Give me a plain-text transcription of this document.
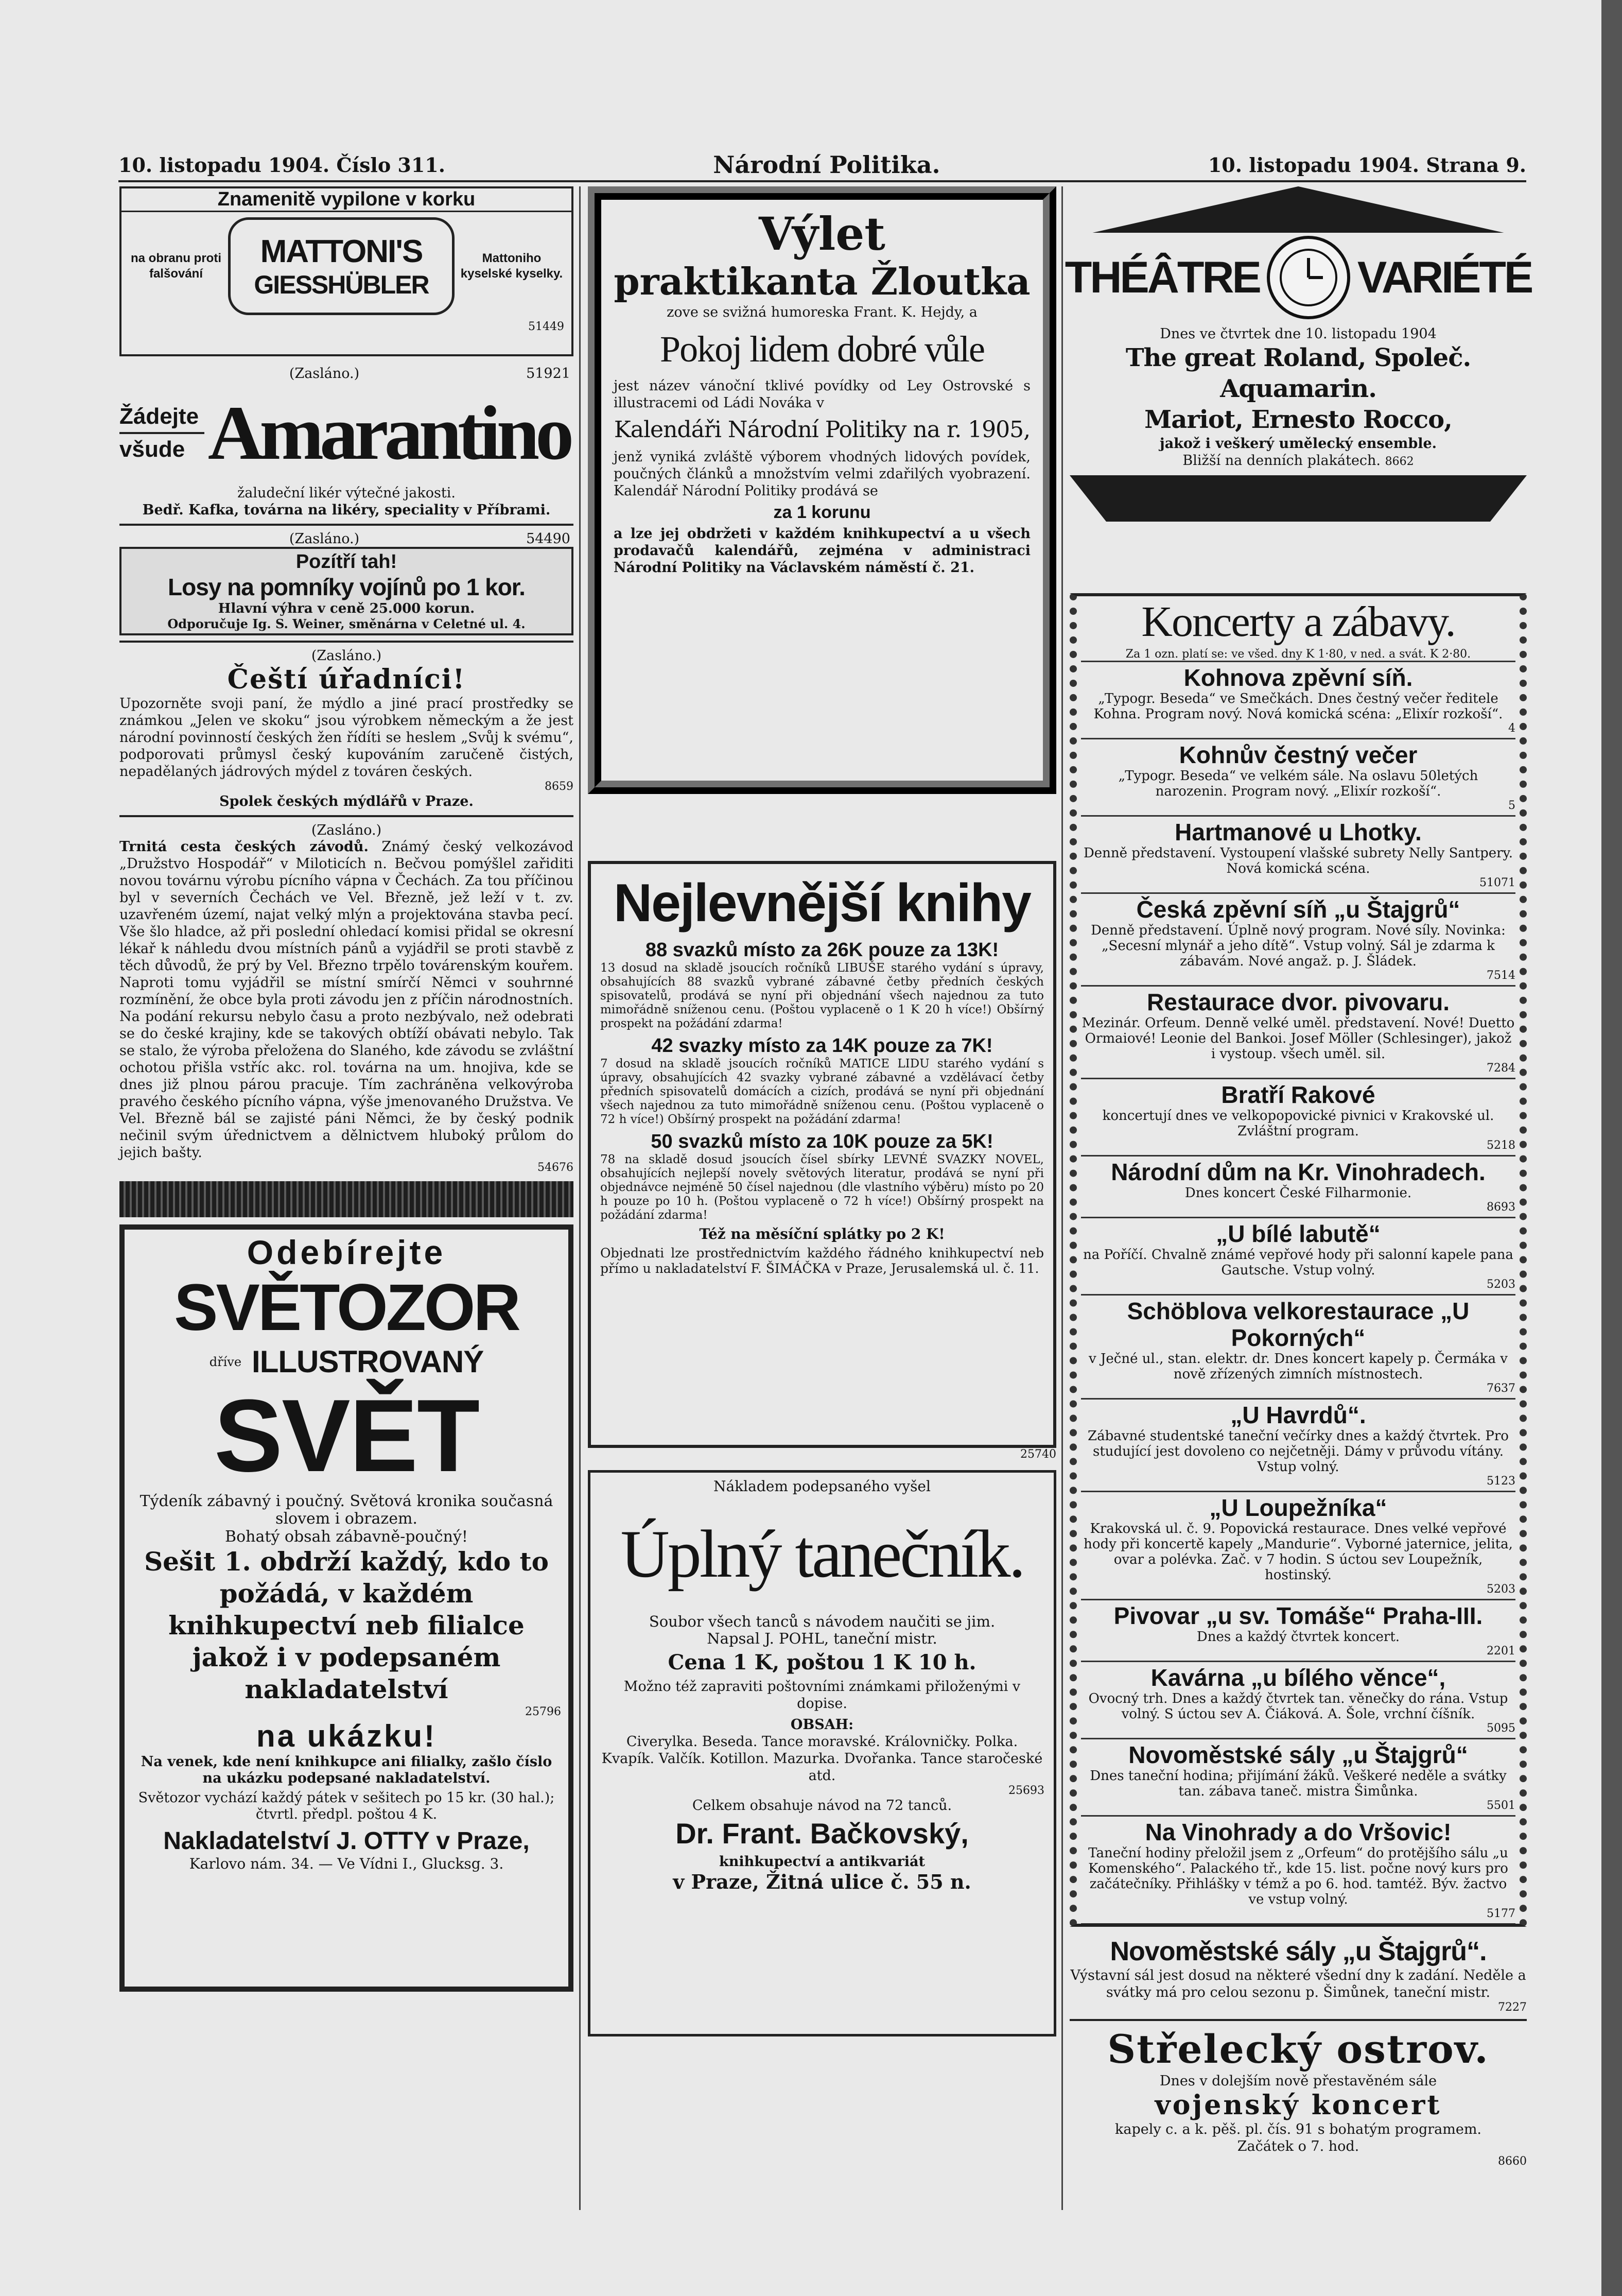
10. listopadu 1904. Číslo 311.	Národní Politika.	10. listopadu 1904. Strana 9.
Znamenitě vypilone v korku
na obranu proti falšování
MATTONI'S
GIESSHÜBLER
Mattoniho kyselské kyselky.
51449
(Zasláno.)	51921
Žádejte
všude Amarantino

žaludeční likér výtečné jakosti.

Bedř. Kafka, továrna na likéry, speciality v Příbrami.

(Zasláno.)	54490
Pozítří tah!
Losy na pomníky vojínů po 1 kor.
Hlavní výhra v ceně 25.000 korun.
Odporučuje Ig. S. Weiner, směnárna v Celetné ul. 4.
(Zasláno.)
Čeští úřadníci!

Upozorněte svoji paní, že mýdlo a jiné prací prostředky se známkou „Jelen ve skoku“ jsou výrobkem německým a že jest národní povinností českých žen řídíti se heslem „Svůj k svému“, podporovati průmysl český kupováním zaručeně čistých, nepadělaných jádrových mýdel z továren českých.

8659

Spolek českých mýdlářů v Praze.

(Zasláno.)

Trnitá cesta českých závodů. Známý český velkozávod „Družstvo Hospodář“ v Miloticích n. Bečvou pomýšlel zařiditi novou továrnu výrobu pícního vápna v Čechách. Za tou příčinou byl v severních Čechách ve Vel. Březně, jež leží v t. zv. uzavřeném území, najat velký mlýn a projektována stavba pecí. Vše šlo hladce, až při poslední ohledací komisi přidal se okresní lékař k náhledu dvou místních pánů a vyjádřil se proti stavbě z těch důvodů, že prý by Vel. Březno trpělo továrenským kouřem. Naproti tomu vyjádřil se místní smírčí Němci v souhrnné rozmínění, že obce byla proti závodu jen z příčin národnostních. Na podání rekursu nebylo času a proto nezbývalo, než odebrati se do české krajiny, kde se takových obtíží obávati nebylo. Tak se stalo, že výroba přeložena do Slaného, kde závodu se zvláštní ochotou přišla vstříc akc. rol. továrna na um. hnojiva, kde se dnes již plnou párou pracuje. Tím zachráněna velkovýroba pravého českého pícního vápna, výše jmenovaného Družstva. Ve Vel. Březně bál se zajisté páni Němci, že by český podnik nečinil svým úřednictvem a dělnictvem hluboký průlom do jejich bašty.

54676
Odebírejte
SVĚTOZOR
dříve ILLUSTROVANÝ
SVĚT

Týdeník zábavný i poučný. Světová kronika současná slovem i obrazem.

Bohatý obsah zábavně-poučný!

Sešit 1. obdrží každý, kdo to požádá, v každém knihkupectví neb filialce jakož i v podepsaném nakladatelství

25796
na ukázku!

Na venek, kde není knihkupce ani filialky, zašlo číslo na ukázku podepsané nakladatelství.

Světozor vychází každý pátek v sešitech po 15 kr. (30 hal.); čtvrtl. předpl. poštou 4 K.

Nakladatelství J. OTTY v Praze,

Karlovo nám. 34. — Ve Vídni I., Glucksg. 3.

Výlet
praktikanta Žloutka

zove se svižná humoreska Frant. K. Hejdy, a

Pokoj lidem dobré vůle

jest název vánoční tklivé povídky od Ley Ostrovské s illustracemi od Ládi Nováka v

Kalendáři Národní Politiky na r. 1905,

jenž vyniká zvláště výborem vhodných lidových povídek, poučných článků a množstvím velmi zdařilých vyobrazení. Kalendář Národní Politiky prodává se

za 1 korunu

a lze jej obdržeti v každém knihkupectví a u všech prodavačů kalendářů, zejména v administraci Národní Politiky na Václavském náměstí č. 21.

Nejlevnější knihy
88 svazků místo za 26K pouze za 13K!

13 dosud na skladě jsoucích ročníků LIBUŠE starého vydání s úpravy, obsahujících 88 svazků vybrané zábavné četby předních českých spisovatelů, prodává se nyní při objednání všech najednou za tuto mimořádně sníženou cenu. (Poštou vyplaceně o 1 K 20 h více!) Obšírný prospekt na požádání zdarma!

42 svazky místo za 14K pouze za 7K!

7 dosud na skladě jsoucích ročníků MATICE LIDU starého vydání s úpravy, obsahujících 42 svazky vybrané zábavné a vzdělávací četby předních spisovatelů domácích a cizích, prodává se nyní při objednání všech najednou za tuto mimořádně sníženou cenu. (Poštou vyplaceně o 72 h více!) Obšírný prospekt na požádání zdarma!

50 svazků místo za 10K pouze za 5K!

78 na skladě dosud jsoucích čísel sbírky LEVNÉ SVAZKY NOVEL, obsahujících nejlepší novely světových literatur, prodává se nyní při objednávce nejméně 50 čísel najednou (dle vlastního výběru) místo po 20 h pouze po 10 h. (Poštou vyplaceně o 72 h více!) Obšírný prospekt na požádání zdarma!

Též na měsíční splátky po 2 K!

Objednati lze prostřednictvím každého řádného knihkupectví neb přímo u nakladatelství F. ŠIMÁČKA v Praze, Jerusalemská ul. č. 11.

25740
Nákladem podepsaného vyšel
Úplný tanečník.

Soubor všech tanců s návodem naučiti se jim.

Napsal J. POHL, taneční mistr.

Cena 1 K, poštou 1 K 10 h.

Možno též zapraviti poštovními známkami přiloženými v dopise.

OBSAH:

Civerylka. Beseda. Tance moravské. Královničky. Polka. Kvapík. Valčík. Kotillon. Mazurka. Dvořanka. Tance staročeské atd.

25693

Celkem obsahuje návod na 72 tanců.

Dr. Frant. Bačkovský,

knihkupectví a antikvariát

v Praze, Žitná ulice č. 55 n.

THÉÂTRE VARIÉTÉ

Dnes ve čtvrtek dne 10. listopadu 1904

The great Roland, Společ. Aquamarin.

Mariot, Ernesto Rocco,

jakož i veškerý umělecký ensemble.

Bližší na denních plakátech. 8662

Koncerty a zábavy.

Za 1 ozn. platí se: ve všed. dny K 1·80, v ned. a svát. K 2·80.

Kohnova zpěvní síň.
„Typogr. Beseda“ ve Smečkách. Dnes čestný večer ředitele Kohna. Program nový. Nová komická scéna: „Elixír rozkoší“.
4
Kohnův čestný večer
„Typogr. Beseda“ ve velkém sále. Na oslavu 50letých narozenin. Program nový. „Elixír rozkoší“.
5
Hartmanové u Lhotky.
Denně představení. Vystoupení vlašské subrety Nelly Santpery. Nová komická scéna.
51071
Česká zpěvní síň „u Štajgrů“
Denně představení. Úplně nový program. Nové síly. Novinka: „Secesní mlynář a jeho dítě“. Vstup volný. Sál je zdarma k zábavám. Nové angaž. p. J. Šládek.
7514
Restaurace dvor. pivovaru.
Mezinár. Orfeum. Denně velké uměl. představení. Nové! Duetto Ormaiové! Leonie del Bankoi. Josef Möller (Schlesinger), jakož i vystoup. všech uměl. sil.
7284
Bratří Rakové
koncertují dnes ve velkopopovické pivnici v Krakovské ul. Zvláštní program.
5218
Národní dům na Kr. Vinohradech.
Dnes koncert České Filharmonie.
8693
„U bílé labutě“
na Poříčí. Chvalně známé vepřové hody při salonní kapele pana Gautsche. Vstup volný.
5203
Schöblova velkorestaurace „U Pokorných“
v Ječné ul., stan. elektr. dr. Dnes koncert kapely p. Čermáka v nově zřízených zimních místnostech.
7637
„U Havrdů“.
Zábavné studentské taneční večírky dnes a každý čtvrtek. Pro studující jest dovoleno co nejčetněji. Dámy v průvodu vítány. Vstup volný.
5123
„U Loupežníka“
Krakovská ul. č. 9. Popovická restaurace. Dnes velké vepřové hody při koncertě kapely „Mandurie“. Vyborné jaternice, jelita, ovar a polévka. Zač. v 7 hodin. S úctou sev Loupežník, hostinský.
5203
Pivovar „u sv. Tomáše“ Praha-III.
Dnes a každý čtvrtek koncert.
2201
Kavárna „u bílého věnce“,
Ovocný trh. Dnes a každý čtvrtek tan. věnečky do rána. Vstup volný. S úctou sev A. Čiáková. A. Šole, vrchní číšník.
5095
Novoměstské sály „u Štajgrů“
Dnes taneční hodina; přijímání žáků. Veškeré neděle a svátky tan. zábava taneč. mistra Šimůnka.
5501
Na Vinohrady a do Vršovic!
Taneční hodiny přeložil jsem z „Orfeum“ do protějšího sálu „u Komenského“. Palackého tř., kde 15. list. počne nový kurs pro začátečníky. Přihlášky v témž a po 6. hod. tamtéž. Býv. žactvo ve vstup volný.
5177
Novoměstské sály „u Štajgrů“.

Výstavní sál jest dosud na některé všední dny k zadání. Neděle a svátky má pro celou sezonu p. Šimůnek, taneční mistr.

7227
Střelecký ostrov.

Dnes v dolejším nově přestavěném sále

vojenský koncert

kapely c. a k. pěš. pl. čís. 91 s bohatým programem.

Začátek o 7. hod.

8660
